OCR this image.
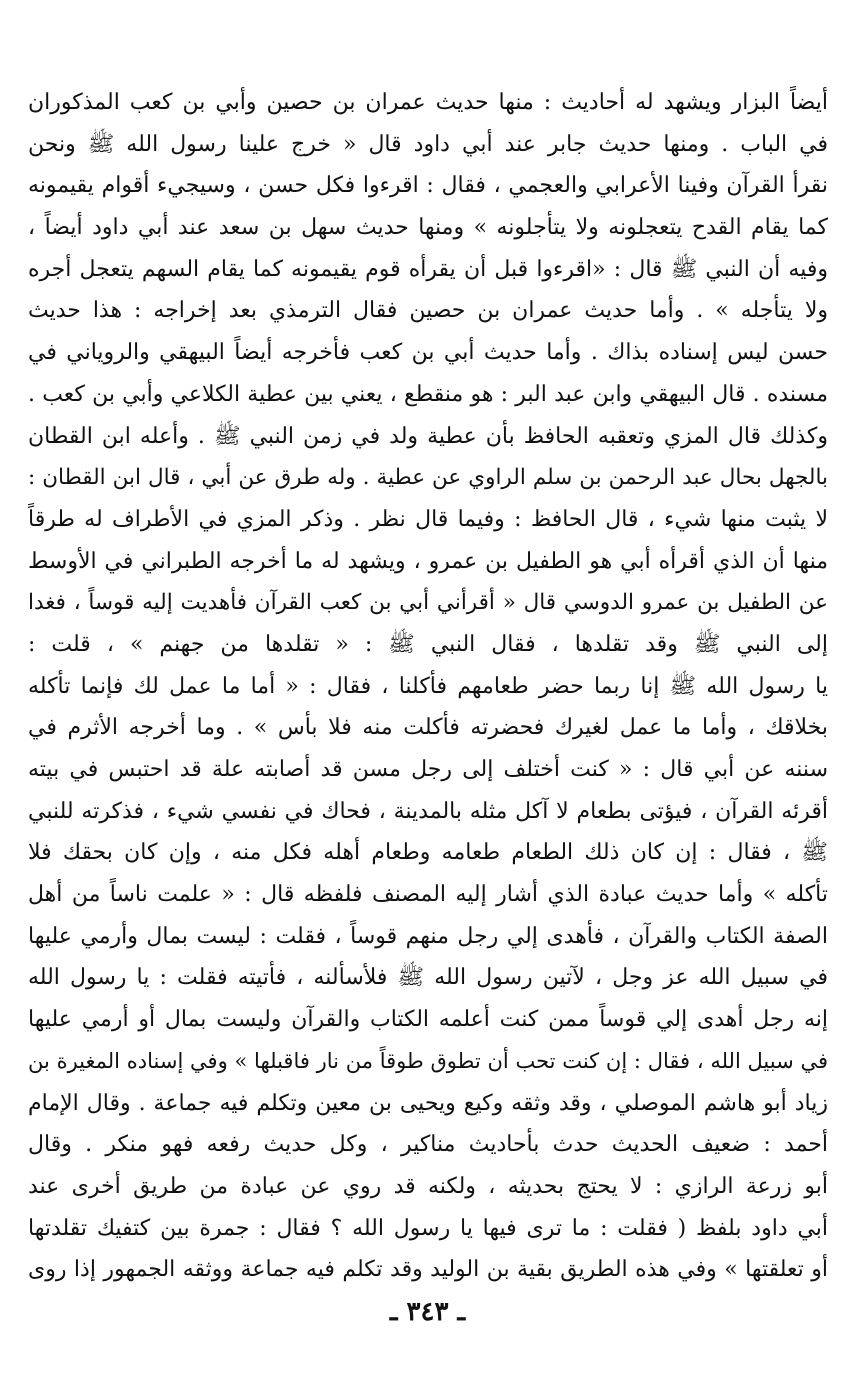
أيضاً البزار ويشهد له أحاديث : منها حديث عمران بن حصين وأبي بن كعب المذكوران
في الباب . ومنها حديث جابر عند أبي داود قال « خرج علينا رسول الله ﷺ ونحن
نقرأ القرآن وفينا الأعرابي والعجمي ، فقال : اقرءوا فكل حسن ، وسيجيء أقوام يقيمونه
كما يقام القدح يتعجلونه ولا يتأجلونه » ومنها حديث سهل بن سعد عند أبي داود أيضاً ،
وفيه أن النبي ﷺ قال : «اقرءوا قبل أن يقرأه قوم يقيمونه كما يقام السهم يتعجل أجره
ولا يتأجله » . وأما حديث عمران بن حصين فقال الترمذي بعد إخراجه : هذا حديث
حسن ليس إسناده بذاك . وأما حديث أبي بن كعب فأخرجه أيضاً البيهقي والروياني في
مسنده . قال البيهقي وابن عبد البر : هو منقطع ، يعني بين عطية الكلاعي وأبي بن كعب .
وكذلك قال المزي وتعقبه الحافظ بأن عطية ولد في زمن النبي ﷺ . وأعله ابن القطان
بالجهل بحال عبد الرحمن بن سلم الراوي عن عطية . وله طرق عن أبي ، قال ابن القطان :
لا يثبت منها شيء ، قال الحافظ : وفيما قال نظر . وذكر المزي في الأطراف له طرقاً
منها أن الذي أقرأه أبي هو الطفيل بن عمرو ، ويشهد له ما أخرجه الطبراني في الأوسط
عن الطفيل بن عمرو الدوسي قال « أقرأني أبي بن كعب القرآن فأهديت إليه قوساً ، فغدا
إلى النبي ﷺ وقد تقلدها ، فقال النبي ﷺ : « تقلدها من جهنم » ، قلت :
يا رسول الله ﷺ إنا ربما حضر طعامهم فأكلنا ، فقال : « أما ما عمل لك فإنما تأكله
بخلاقك ، وأما ما عمل لغيرك فحضرته فأكلت منه فلا بأس » . وما أخرجه الأثرم في
سننه عن أبي قال : « كنت أختلف إلى رجل مسن قد أصابته علة قد احتبس في بيته
أقرئه القرآن ، فيؤتى بطعام لا آكل مثله بالمدينة ، فحاك في نفسي شيء ، فذكرته للنبي
ﷺ ، فقال : إن كان ذلك الطعام طعامه وطعام أهله فكل منه ، وإن كان بحقك فلا
تأكله » وأما حديث عبادة الذي أشار إليه المصنف فلفظه قال : « علمت ناساً من أهل
الصفة الكتاب والقرآن ، فأهدى إلي رجل منهم قوساً ، فقلت : ليست بمال وأرمي عليها
في سبيل الله عز وجل ، لآتين رسول الله ﷺ فلأسألنه ، فأتيته فقلت : يا رسول الله
إنه رجل أهدى إلي قوساً ممن كنت أعلمه الكتاب والقرآن وليست بمال أو أرمي عليها
في سبيل الله ، فقال : إن كنت تحب أن تطوق طوقاً من نار فاقبلها » وفي إسناده المغيرة بن
زياد أبو هاشم الموصلي ، وقد وثقه وكيع ويحيى بن معين وتكلم فيه جماعة . وقال الإمام
أحمد : ضعيف الحديث حدث بأحاديث مناكير ، وكل حديث رفعه فهو منكر . وقال
أبو زرعة الرازي : لا يحتج بحديثه ، ولكنه قد روي عن عبادة من طريق أخرى عند
أبي داود بلفظ ( فقلت : ما ترى فيها يا رسول الله ؟ فقال : جمرة بين كتفيك تقلدتها
أو تعلقتها » وفي هذه الطريق بقية بن الوليد وقد تكلم فيه جماعة ووثقه الجمهور إذا روى
ـ ٣٤٣ ـ
